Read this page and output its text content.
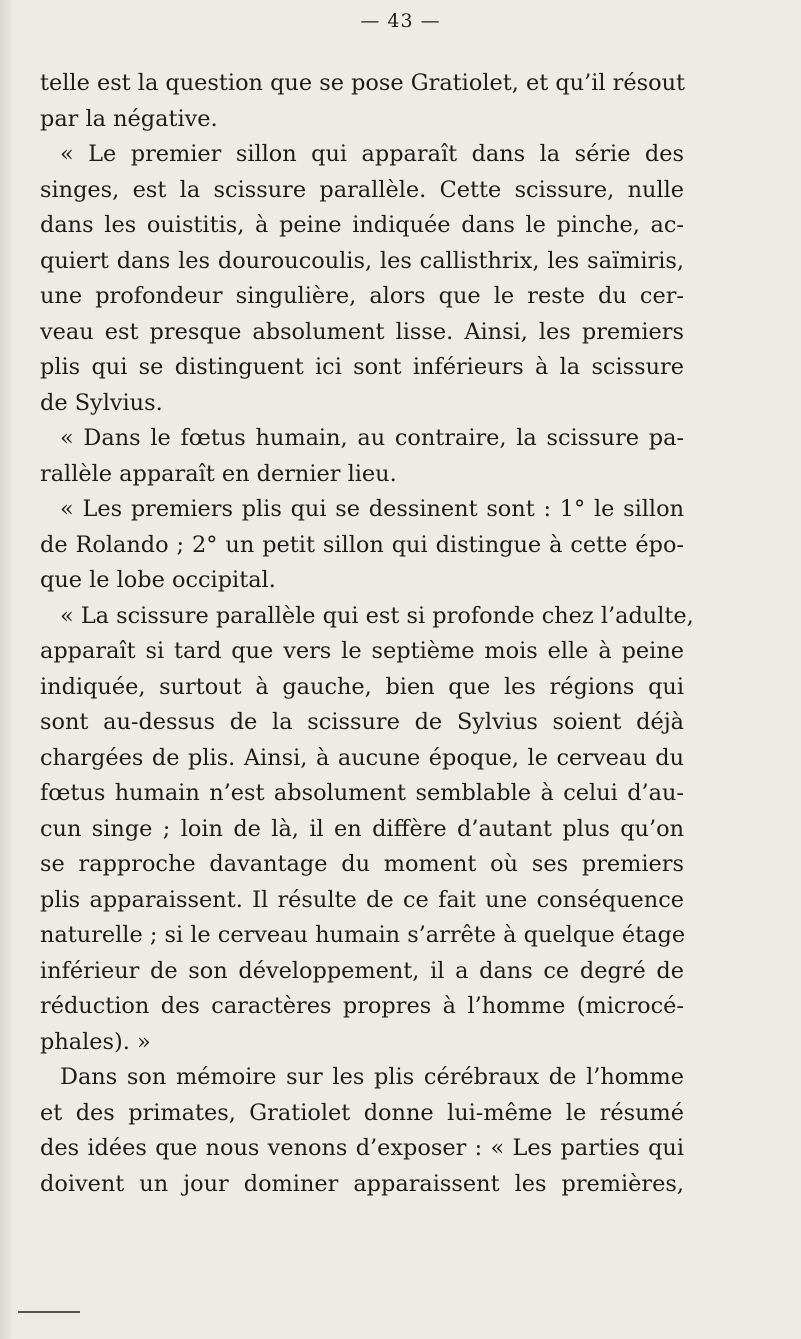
— 43 —
telle est la question que se pose Gratiolet, et qu’il résout
par la négative.
« Le premier sillon qui apparaît dans la série des
singes, est la scissure parallèle. Cette scissure, nulle
dans les ouistitis, à peine indiquée dans le pinche, ac-
quiert dans les douroucoulis, les callisthrix, les saïmiris,
une profondeur singulière, alors que le reste du cer-
veau est presque absolument lisse. Ainsi, les premiers
plis qui se distinguent ici sont inférieurs à la scissure
de Sylvius.
« Dans le fœtus humain, au contraire, la scissure pa-
rallèle apparaît en dernier lieu.
« Les premiers plis qui se dessinent sont : 1° le sillon
de Rolando ; 2° un petit sillon qui distingue à cette épo-
que le lobe occipital.
« La scissure parallèle qui est si profonde chez l’adulte,
apparaît si tard que vers le septième mois elle à peine
indiquée, surtout à gauche, bien que les régions qui
sont au-dessus de la scissure de Sylvius soient déjà
chargées de plis. Ainsi, à aucune époque, le cerveau du
fœtus humain n’est absolument semblable à celui d’au-
cun singe ; loin de là, il en diffère d’autant plus qu’on
se rapproche davantage du moment où ses premiers
plis apparaissent. Il résulte de ce fait une conséquence
naturelle ; si le cerveau humain s’arrête à quelque étage
inférieur de son développement, il a dans ce degré de
réduction des caractères propres à l’homme (microcé-
phales). »
Dans son mémoire sur les plis cérébraux de l’homme
et des primates, Gratiolet donne lui-même le résumé
des idées que nous venons d’exposer : « Les parties qui
doivent un jour dominer apparaissent les premières,
